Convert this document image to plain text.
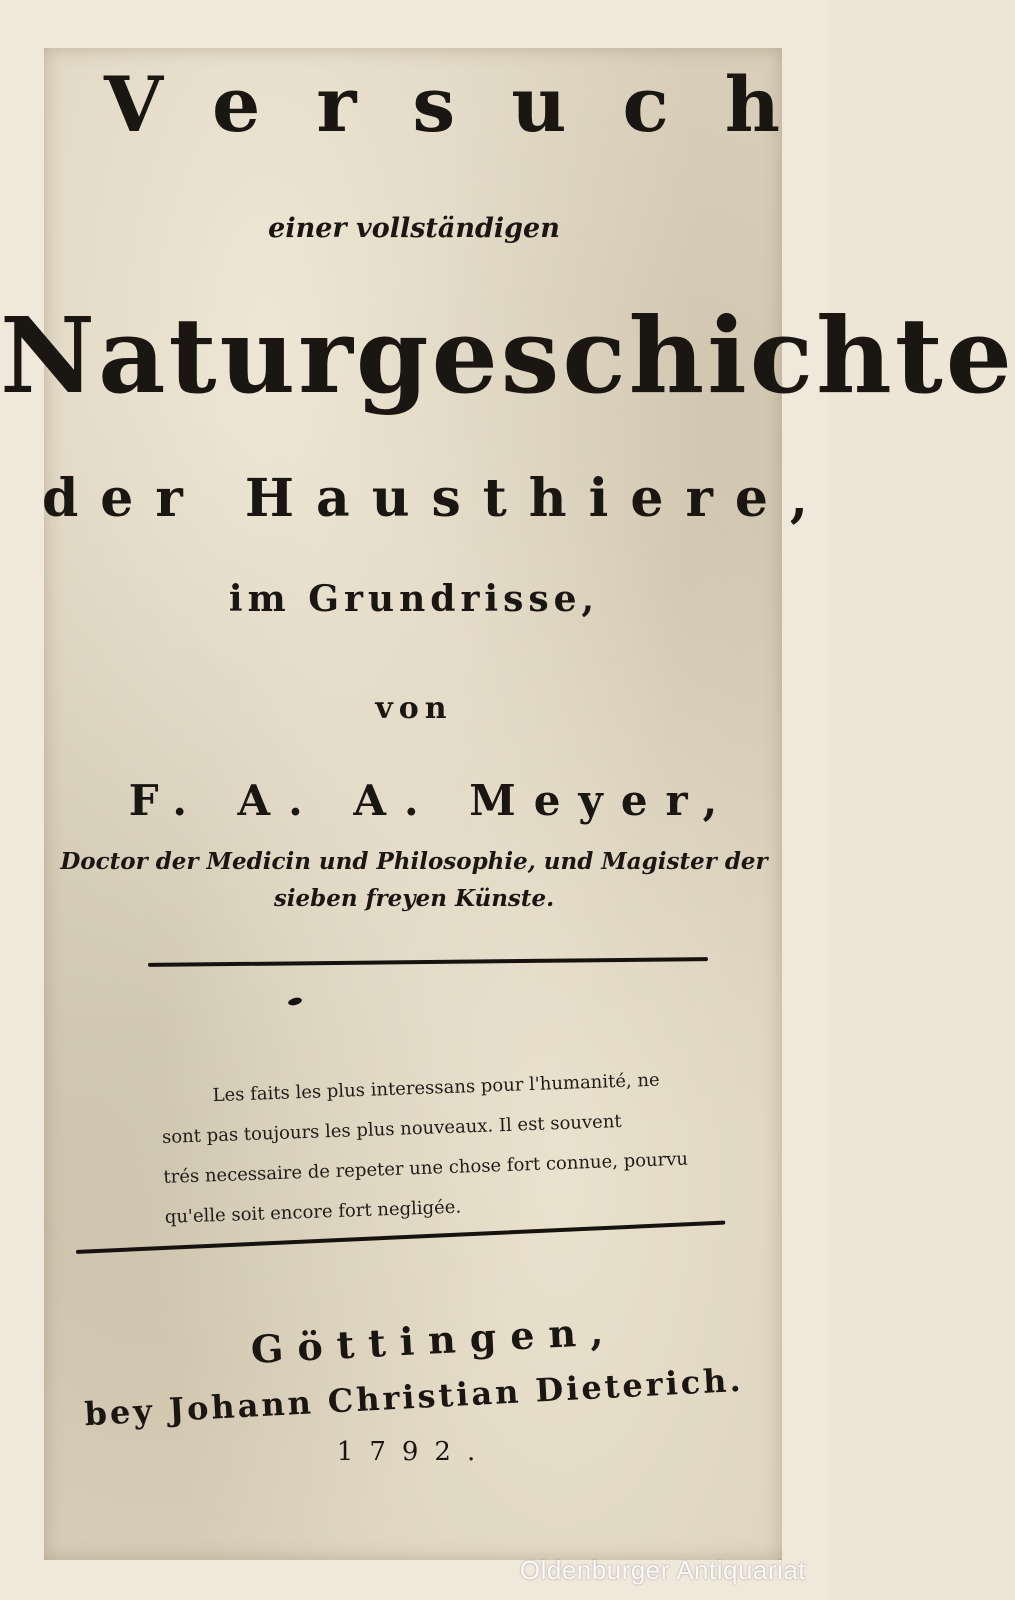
Versuch
einer vollständigen
Naturgeschichte
der Hausthiere,
im Grundrisse,
von
F. A. A. Meyer,
Doctor der Medicin und Philosophie, und Magister der
sieben freyen Künste.
Les faits les plus interessans pour l'humanité, ne
sont pas toujours les plus nouveaux. Il est souvent
trés necessaire de repeter une chose fort connue, pourvu
qu'elle soit encore fort negligée.
Göttingen,
bey Johann Christian Dieterich.
1792.
Oldenburger Antiquariat
